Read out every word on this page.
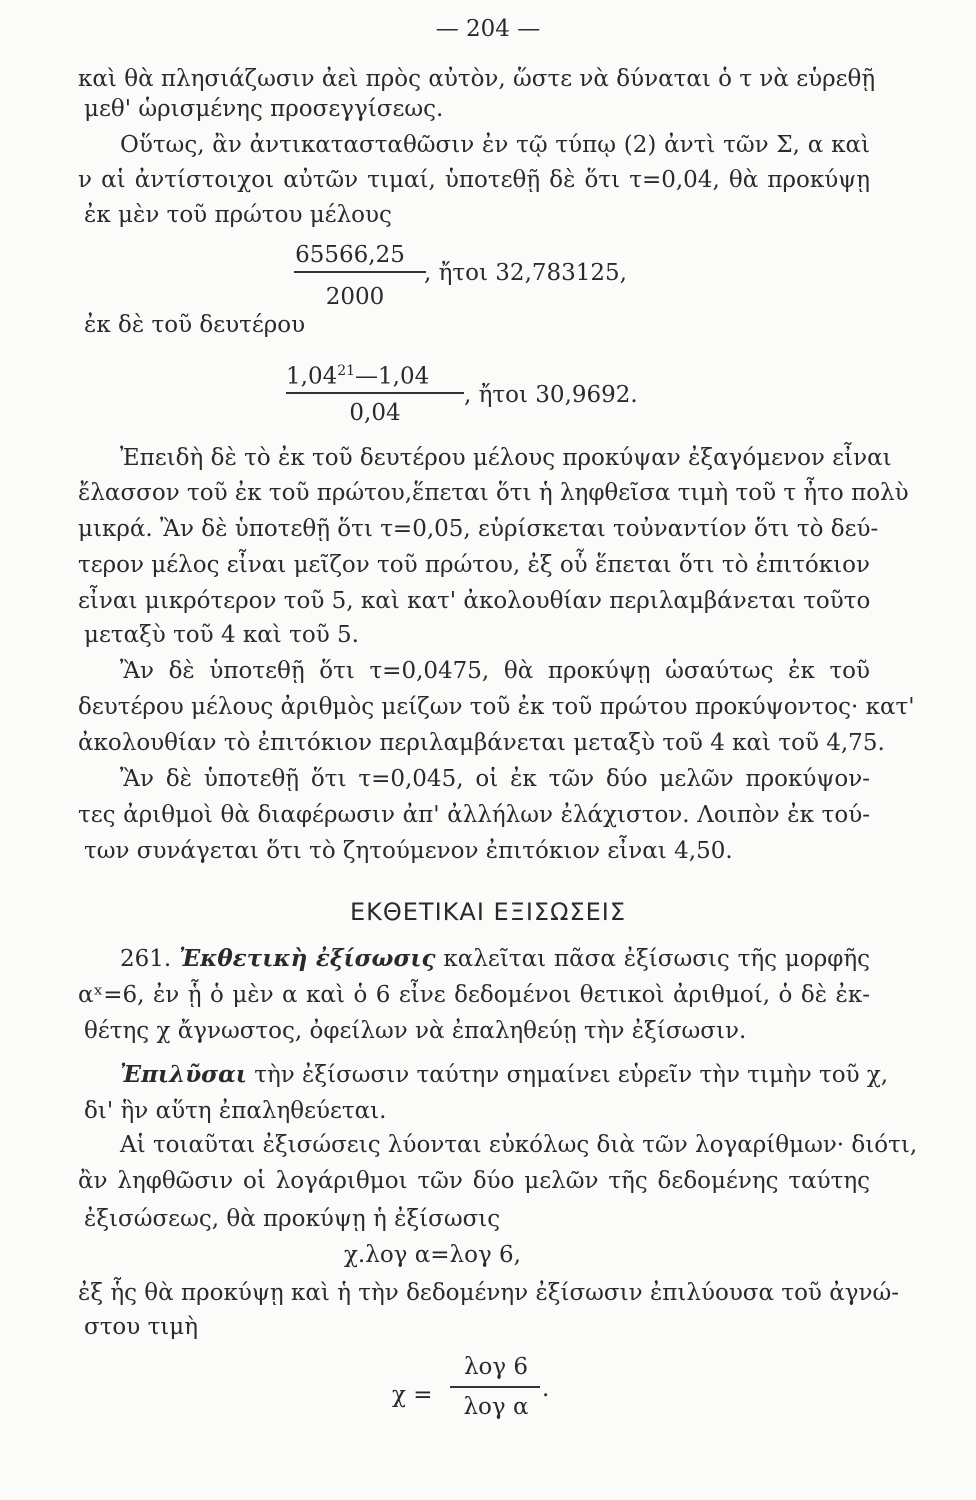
— 204 —
καὶ θὰ πλησιάζωσιν ἀεὶ πρὸς αὐτὸν, ὥστε νὰ δύναται ὁ τ νὰ εὑρεθῇ
μεθ' ὡρισμένης προσεγγίσεως.
Οὕτως, ἂν ἀντικατασταθῶσιν ἐν τῷ τύπῳ (2) ἀντὶ τῶν Σ, α καὶ
ν αἱ ἀντίστοιχοι αὐτῶν τιμαί, ὑποτεθῇ δὲ ὅτι τ=0,04, θὰ προκύψῃ
ἐκ μὲν τοῦ πρώτου μέλους
65566,25
2000
, ἤτοι 32,783125,
ἐκ δὲ τοῦ δευτέρου
1,04$^{21}$—1,04
0,04
, ἤτοι 30,9692.
Ἐπειδὴ δὲ τὸ ἐκ τοῦ δευτέρου μέλους προκύψαν ἐξαγόμενον εἶναι
ἔλασσον τοῦ ἐκ τοῦ πρώτου,ἕπεται ὅτι ἡ ληφθεῖσα τιμὴ τοῦ τ ἦτο πολὺ
μικρά. Ἂν δὲ ὑποτεθῇ ὅτι τ=0,05, εὑρίσκεται τοὐναντίον ὅτι τὸ δεύ-
τερον μέλος εἶναι μεῖζον τοῦ πρώτου, ἐξ οὗ ἕπεται ὅτι τὸ ἐπιτόκιον
εἶναι μικρότερον τοῦ 5, καὶ κατ' ἀκολουθίαν περιλαμβάνεται τοῦτο
μεταξὺ τοῦ 4 καὶ τοῦ 5.
Ἂν δὲ ὑποτεθῇ ὅτι τ=0,0475, θὰ προκύψῃ ὡσαύτως ἐκ τοῦ
δευτέρου μέλους ἀριθμὸς μείζων τοῦ ἐκ τοῦ πρώτου προκύψοντος· κατ'
ἀκολουθίαν τὸ ἐπιτόκιον περιλαμβάνεται μεταξὺ τοῦ 4 καὶ τοῦ 4,75.
Ἂν δὲ ὑποτεθῇ ὅτι τ=0,045, οἱ ἐκ τῶν δύο μελῶν προκύψον-
τες ἀριθμοὶ θὰ διαφέρωσιν ἀπ' ἀλλήλων ἐλάχιστον. Λοιπὸν ἐκ τού-
των συνάγεται ὅτι τὸ ζητούμενον ἐπιτόκιον εἶναι 4,50.
ΕΚΘΕΤΙΚΑΙ ΕΞΙΣΩΣΕΙΣ
261. Ἐκθετικὴ ἐξίσωσις καλεῖται πᾶσα ἐξίσωσις τῆς μορφῆς
αˣ=6, ἐν ᾗ ὁ μὲν α καὶ ὁ 6 εἶνε δεδομένοι θετικοὶ ἀριθμοί, ὁ δὲ ἐκ-
θέτης χ ἄγνωστος, ὀφείλων νὰ ἐπαληθεύῃ τὴν ἐξίσωσιν.
Ἐπιλῦσαι τὴν ἐξίσωσιν ταύτην σημαίνει εὑρεῖν τὴν τιμὴν τοῦ χ,
δι' ἣν αὕτη ἐπαληθεύεται.
Αἱ τοιαῦται ἐξισώσεις λύονται εὐκόλως διὰ τῶν λογαρίθμων· διότι,
ἂν ληφθῶσιν οἱ λογάριθμοι τῶν δύο μελῶν τῆς δεδομένης ταύτης
ἐξισώσεως, θὰ προκύψῃ ἡ ἐξίσωσις
χ.λογ α=λογ 6,
ἐξ ἧς θὰ προκύψῃ καὶ ἡ τὴν δεδομένην ἐξίσωσιν ἐπιλύουσα τοῦ ἀγνώ-
στου τιμὴ
χ =
λογ 6
λογ α
.
